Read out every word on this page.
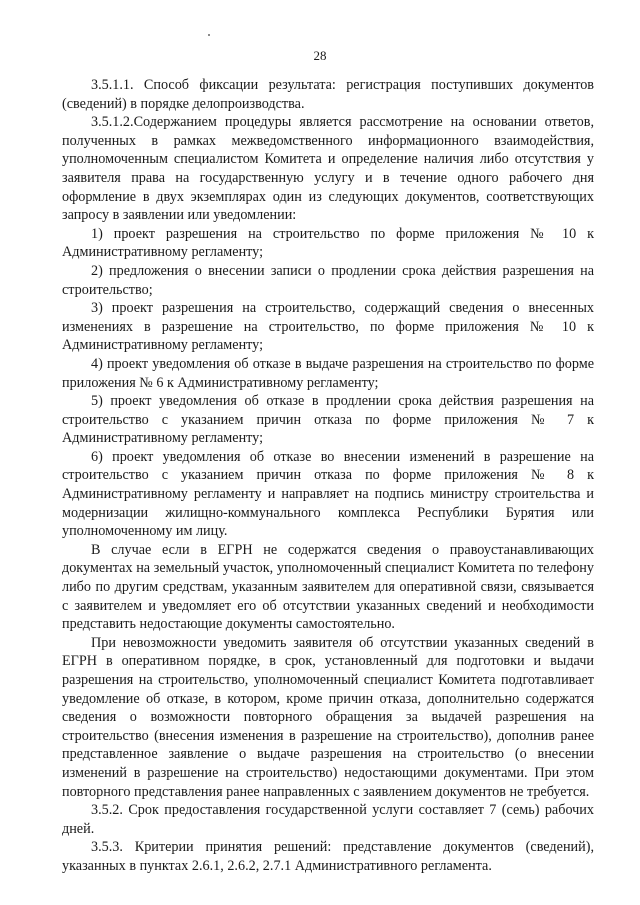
28

3.5.1.1. Способ фиксации результата: регистрация поступивших документов (сведений) в порядке делопроизводства.

3.5.1.2.Содержанием процедуры является рассмотрение на основании ответов, полученных в рамках межведомственного информационного взаимодействия, уполномоченным специалистом Комитета и определение наличия либо отсутствия у заявителя права на государственную услугу и в течение одного рабочего дня оформление в двух экземплярах один из следующих документов, соответствующих запросу в заявлении или уведомлении:

1) проект разрешения на строительство по форме приложения № 10 к Административному регламенту;

2) предложения о внесении записи о продлении срока действия разрешения на строительство;

3) проект разрешения на строительство, содержащий сведения о внесенных изменениях в разрешение на строительство, по форме приложения № 10 к Административному регламенту;

4) проект уведомления об отказе в выдаче разрешения на строительство по форме приложения № 6 к Административному регламенту;

5) проект уведомления об отказе в продлении срока действия разрешения на строительство с указанием причин отказа по форме приложения № 7 к Административному регламенту;

6) проект уведомления об отказе во внесении изменений в разрешение на строительство с указанием причин отказа по форме приложения № 8 к Административному регламенту и направляет на подпись министру строительства и модернизации жилищно-коммунального комплекса Республики Бурятия или уполномоченному им лицу.

В случае если в ЕГРН не содержатся сведения о правоустанавливающих документах на земельный участок, уполномоченный специалист Комитета по телефону либо по другим средствам, указанным заявителем для оперативной связи, связывается с заявителем и уведомляет его об отсутствии указанных сведений и необходимости представить недостающие документы самостоятельно.

При невозможности уведомить заявителя об отсутствии указанных сведений в ЕГРН в оперативном порядке, в срок, установленный для подготовки и выдачи разрешения на строительство, уполномоченный специалист Комитета подготавливает уведомление об отказе, в котором, кроме причин отказа, дополнительно содержатся сведения о возможности повторного обращения за выдачей разрешения на строительство (внесения изменения в разрешение на строительство), дополнив ранее представленное заявление о выдаче разрешения на строительство (о внесении изменений в разрешение на строительство) недостающими документами. При этом повторного представления ранее направленных с заявлением документов не требуется.

3.5.2. Срок предоставления государственной услуги составляет 7 (семь) рабочих дней.

3.5.3. Критерии принятия решений: представление документов (сведений), указанных в пунктах 2.6.1, 2.6.2, 2.7.1 Административного регламента.
